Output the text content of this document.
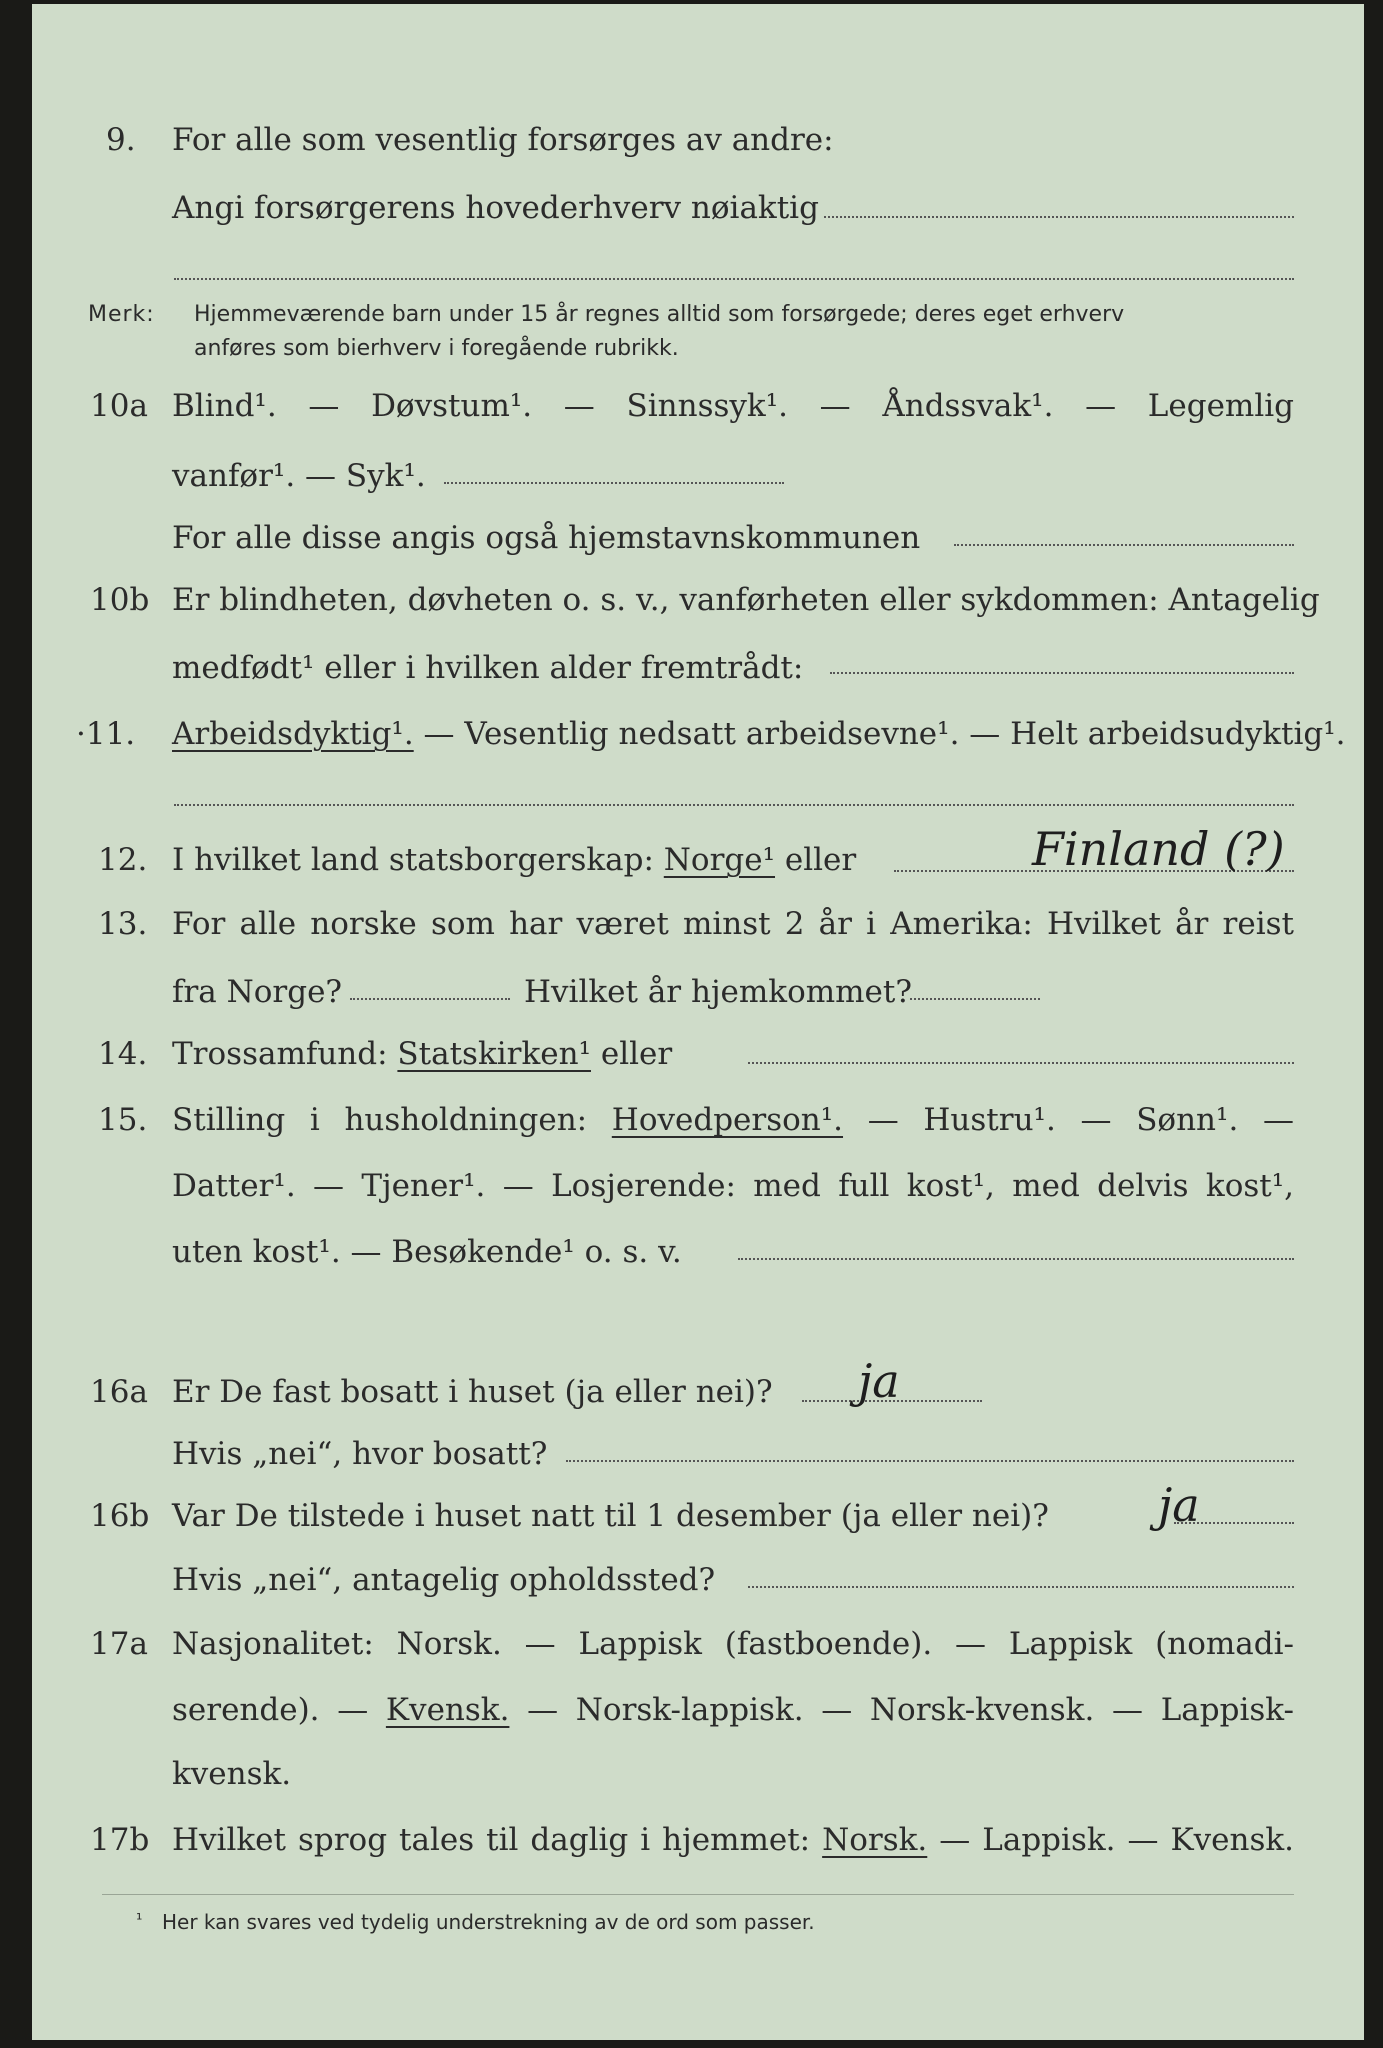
9. For alle som vesentlig forsørges av andre:
Angi forsørgerens hovederhverv nøiaktig
Merk: Hjemmeværende barn under 15 år regnes alltid som forsørgede; deres eget erhverv
anføres som bierhverv i foregående rubrikk.
10a Blind¹. — Døvstum¹. — Sinnssyk¹. — Åndssvak¹. — Legemlig
vanfør¹. — Syk¹.
For alle disse angis også hjemstavnskommunen
10b Er blindheten, døvheten o. s. v., vanførheten eller sykdommen: Antagelig
medfødt¹ eller i hvilken alder fremtrådt:
·11. Arbeidsdyktig¹. — Vesentlig nedsatt arbeidsevne¹. — Helt arbeidsudyktig¹.
12. I hvilket land statsborgerskap: Norge¹ eller	Finland (?)
13. For alle norske som har været minst 2 år i Amerika: Hvilket år reist
fra Norge?	Hvilket år hjemkommet?
14. Trossamfund: Statskirken¹ eller
15. Stilling i husholdningen: Hovedperson¹. — Hustru¹. — Sønn¹. —
Datter¹. — Tjener¹. — Losjerende: med full kost¹, med delvis kost¹,
uten kost¹. — Besøkende¹ o. s. v.
16a Er De fast bosatt i huset (ja eller nei)? ja
Hvis „nei“, hvor bosatt?
16b Var De tilstede i huset natt til 1 desember (ja eller nei)? ja
Hvis „nei“, antagelig opholdssted?
17a Nasjonalitet: Norsk. — Lappisk (fastboende). — Lappisk (nomadi-
serende). — Kvensk. — Norsk-lappisk. — Norsk-kvensk. — Lappisk-
kvensk.
17b Hvilket sprog tales til daglig i hjemmet: Norsk. — Lappisk. — Kvensk.
¹ Her kan svares ved tydelig understrekning av de ord som passer.
